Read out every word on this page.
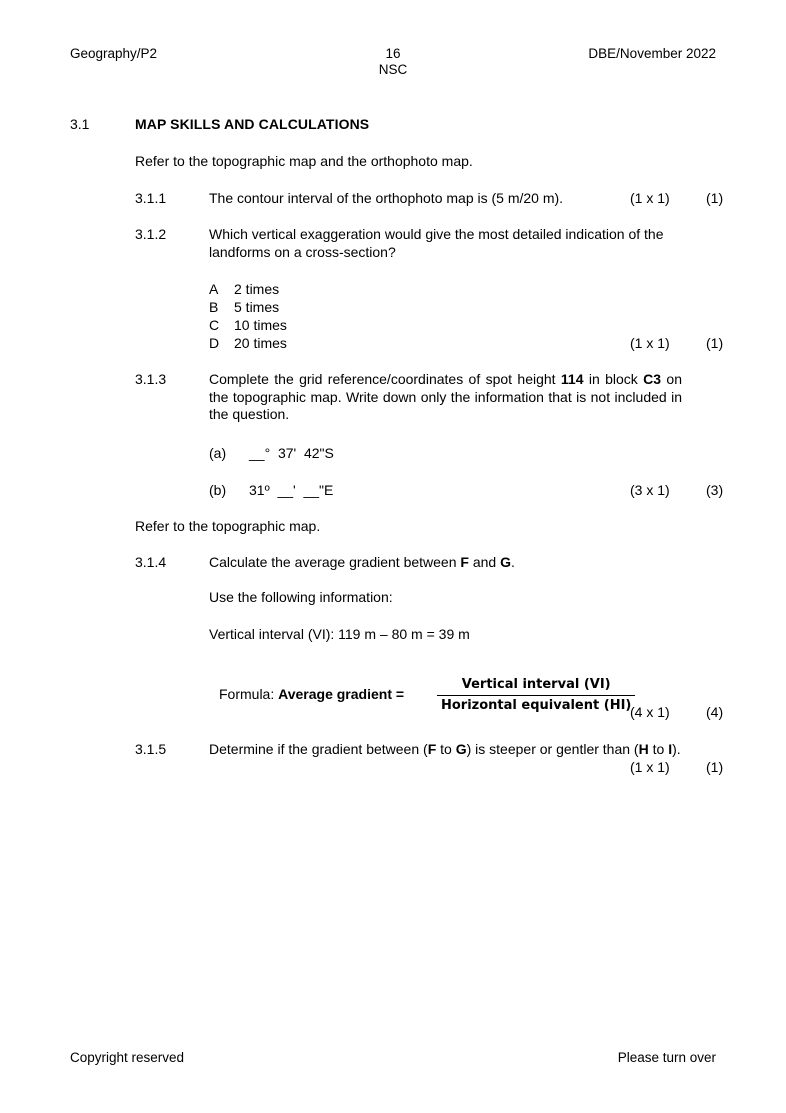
Geography/P2	16
NSC
DBE/November 2022
3.1	MAP SKILLS AND CALCULATIONS
Refer to the topographic map and the orthophoto map.
3.1.1	The contour interval of the orthophoto map is (5 m/20 m).	(1 x 1)	(1)
3.1.2	Which vertical exaggeration would give the most detailed indication of the landforms on a cross-section?
A 2 times
B 5 times
C 10 times
D 20 times	(1 x 1)	(1)
3.1.3	Complete the grid reference/coordinates of spot height 114 in block C3 on the topographic map. Write down only the information that is not included in the question.
(a) __°  37'  42"S
(b) 31º  __'  __"E	(3 x 1)	(3)
Refer to the topographic map.
3.1.4	Calculate the average gradient between F and G.
Use the following information:
Vertical interval (VI): 119 m – 80 m = 39 m
Formula: Average gradient =
Vertical interval (VI)
Horizontal equivalent (HI)
(4 x 1)	(4)
3.1.5	Determine if the gradient between (F to G) is steeper or gentler than (H to I).
(1 x 1)	(1)
Copyright reserved	Please turn over
